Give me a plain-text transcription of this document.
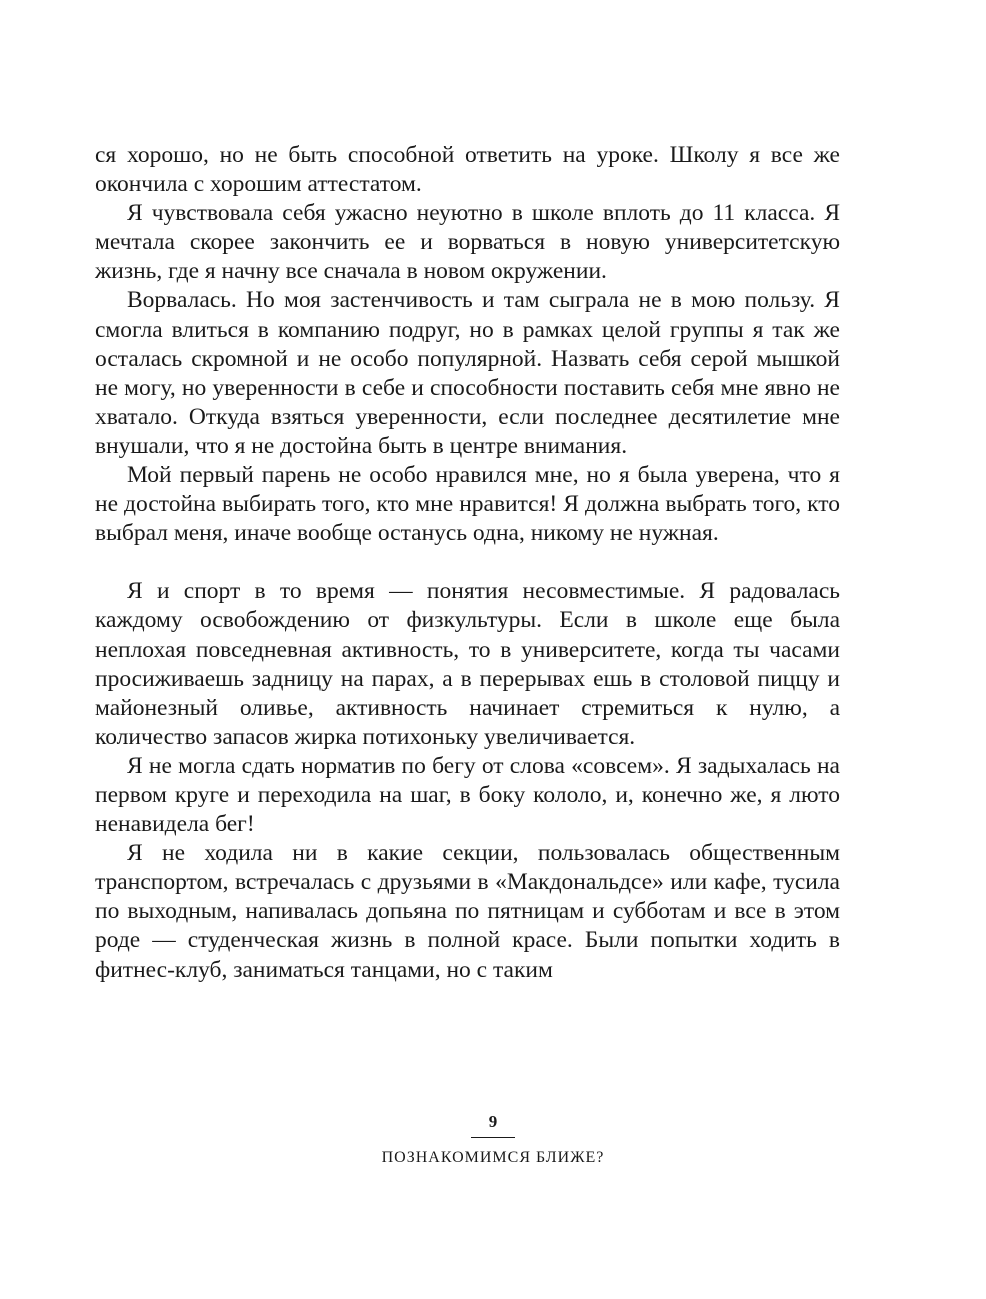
ся хорошо, но не быть способной ответить на уроке. Школу я все же окончила с хорошим аттестатом.

Я чувствовала себя ужасно неуютно в школе вплоть до 11 класса. Я мечтала скорее закончить ее и ворваться в новую университетскую жизнь, где я начну все сначала в новом окружении.

Ворвалась. Но моя застенчивость и там сыграла не в мою пользу. Я смогла влиться в компанию подруг, но в рамках целой группы я так же осталась скромной и не особо популярной. Назвать себя серой мышкой не могу, но уверенности в себе и способности поставить себя мне явно не хватало. Откуда взяться уверенности, если последнее десятилетие мне внушали, что я не достойна быть в центре внимания.

Мой первый парень не особо нравился мне, но я была уверена, что я не достойна выбирать того, кто мне нравится! Я должна выбрать того, кто выбрал меня, иначе вообще останусь одна, никому не нужная.

Я и спорт в то время — понятия несовместимые. Я радовалась каждому освобождению от физкультуры. Если в школе еще была неплохая повседневная активность, то в университете, когда ты часами просиживаешь задницу на парах, а в перерывах ешь в столовой пиццу и майонезный оливье, активность начинает стремиться к нулю, а количество запасов жирка потихоньку увеличивается.

Я не могла сдать норматив по бегу от слова «совсем». Я задыхалась на первом круге и переходила на шаг, в боку кололо, и, конечно же, я люто ненавидела бег!

Я не ходила ни в какие секции, пользовалась общественным транспортом, встречалась с друзьями в «Макдональдсе» или кафе, тусила по выходным, напивалась допьяна по пятницам и субботам и все в этом роде — студенческая жизнь в полной красе. Были попытки ходить в фитнес-клуб, заниматься танцами, но с таким

9
ПОЗНАКОМИМСЯ БЛИЖЕ?
